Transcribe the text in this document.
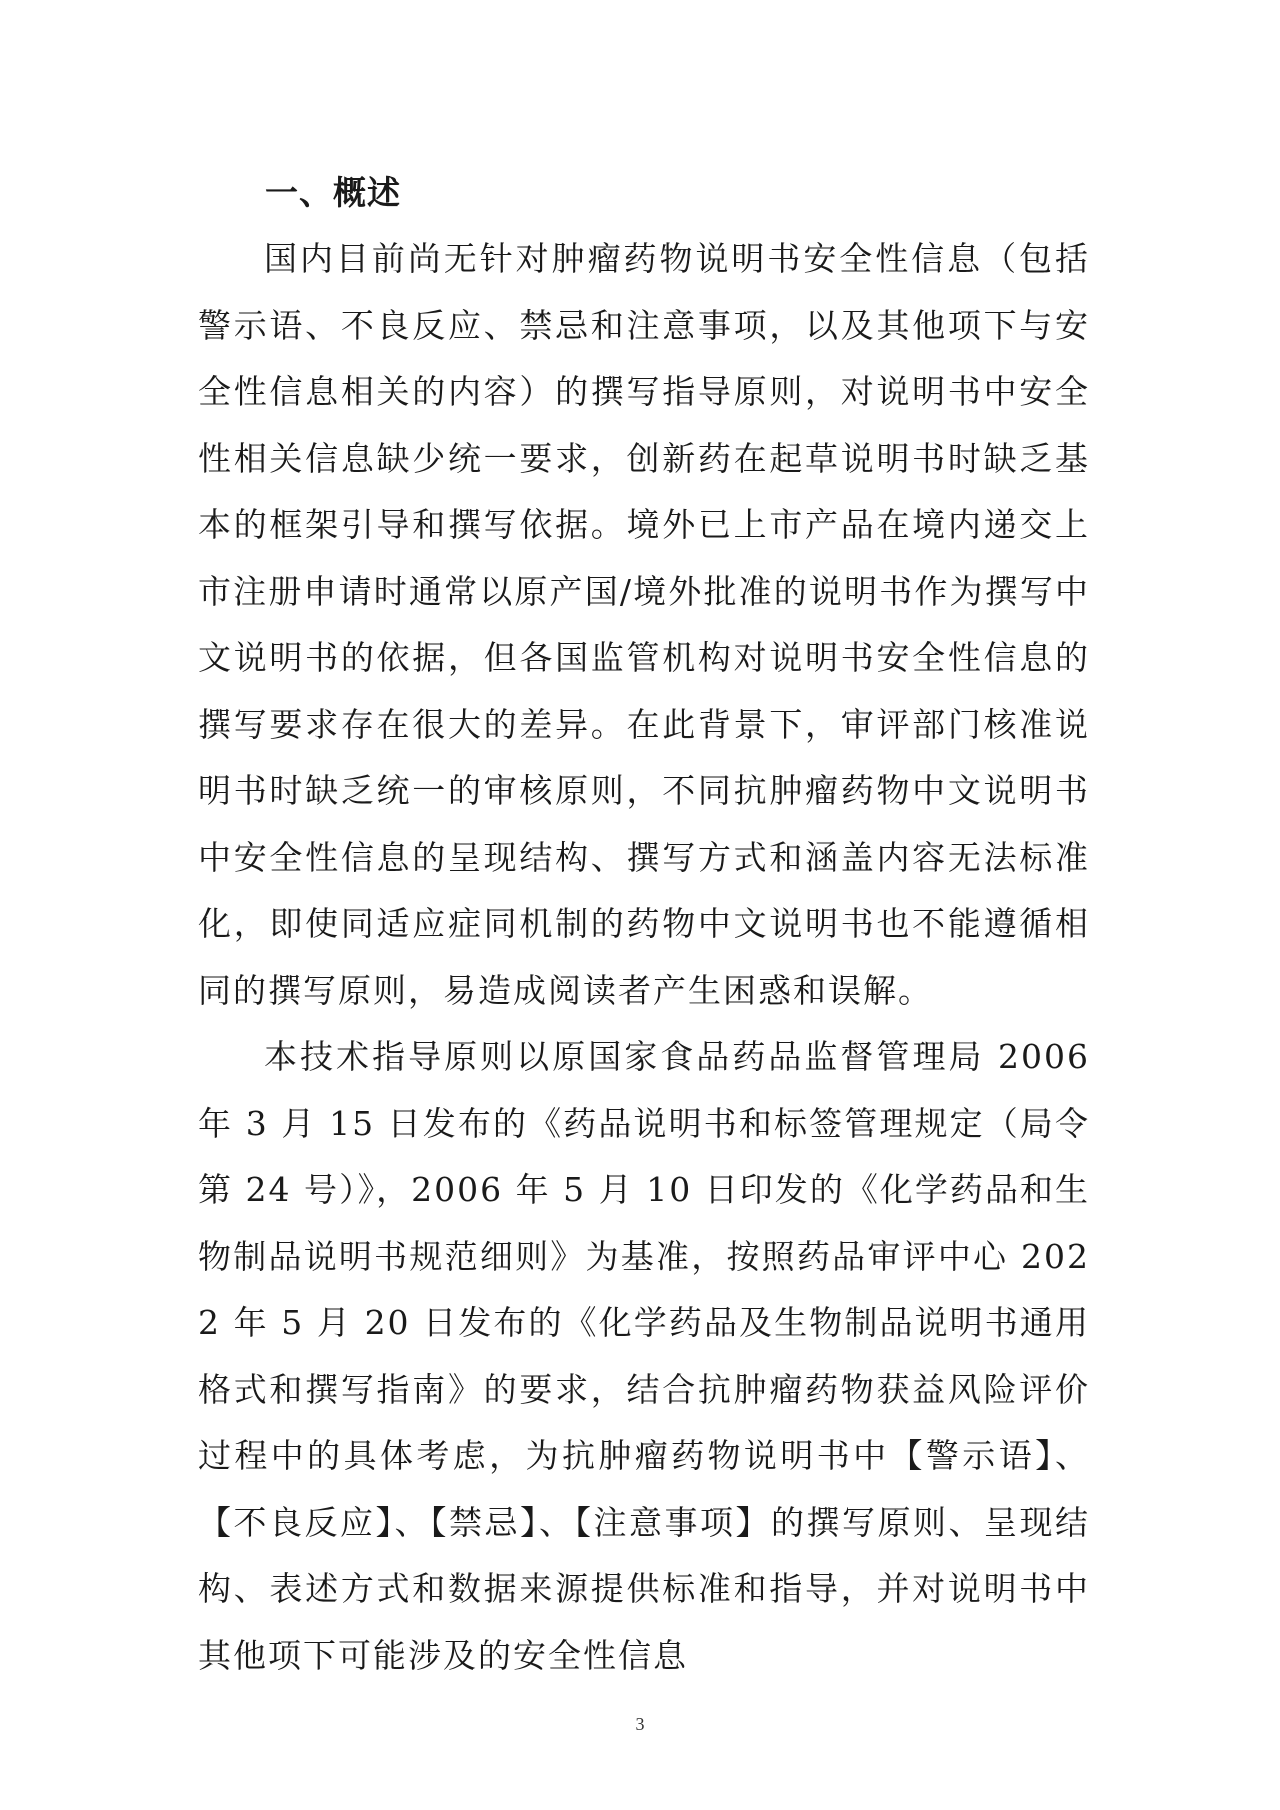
一、概述

国内目前尚无针对肿瘤药物说明书安全性信息（包括警示语、不良反应、禁忌和注意事项，以及其他项下与安全性信息相关的内容）的撰写指导原则，对说明书中安全性相关信息缺少统一要求，创新药在起草说明书时缺乏基本的框架引导和撰写依据。境外已上市产品在境内递交上市注册申请时通常以原产国/境外批准的说明书作为撰写中文说明书的依据，但各国监管机构对说明书安全性信息的撰写要求存在很大的差异。在此背景下，审评部门核准说明书时缺乏统一的审核原则，不同抗肿瘤药物中文说明书中安全性信息的呈现结构、撰写方式和涵盖内容无法标准化，即使同适应症同机制的药物中文说明书也不能遵循相同的撰写原则，易造成阅读者产生困惑和误解。

本技术指导原则以原国家食品药品监督管理局 2006 年 3 月 15 日发布的《药品说明书和标签管理规定（局令第 24 号）》，2006 年 5 月 10 日印发的《化学药品和生物制品说明书规范细则》为基准，按照药品审评中心 2022 年 5 月 20 日发布的《化学药品及生物制品说明书通用格式和撰写指南》的要求，结合抗肿瘤药物获益风险评价过程中的具体考虑，为抗肿瘤药物说明书中【警示语】、【不良反应】、【禁忌】、【注意事项】的撰写原则、呈现结构、表述方式和数据来源提供标准和指导，并对说明书中其他项下可能涉及的安全性信息

3
